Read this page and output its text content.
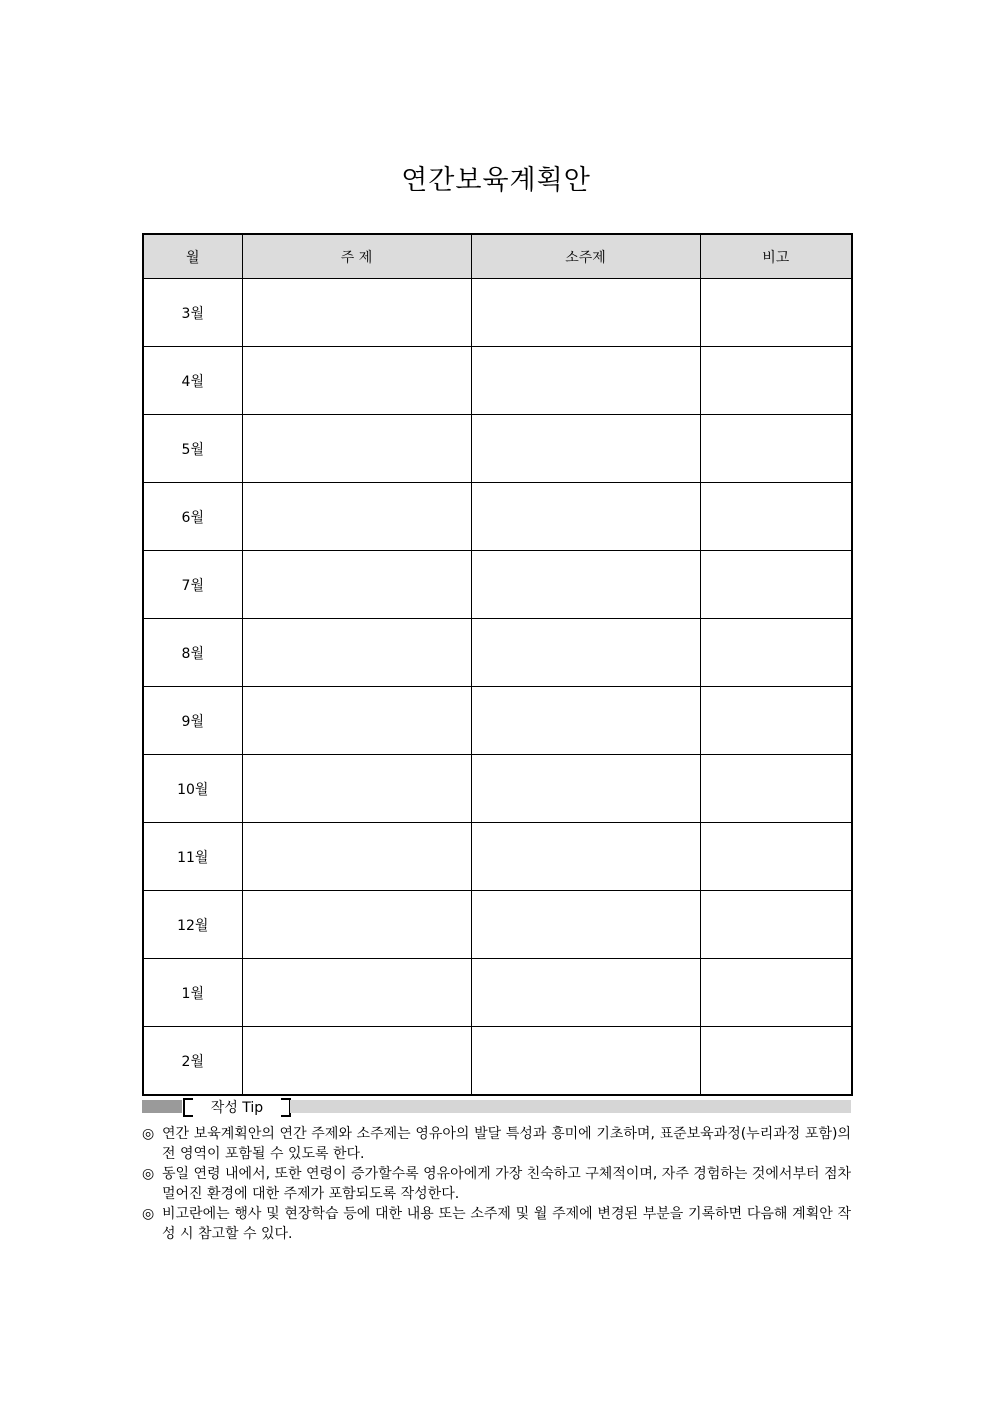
연간보육계획안
월	주 제	소주제	비고
3월			
4월			
5월			
6월			
7월			
8월			
9월			
10월			
11월			
12월			
1월			
2월			
작성 Tip
◎ 연간 보육계획안의 연간 주제와 소주제는 영유아의 발달 특성과 흥미에 기초하며, 표준보육과정(누리과정 포함)의 전 영역이 포함될 수 있도록 한다.
◎ 동일 연령 내에서, 또한 연령이 증가할수록 영유아에게 가장 친숙하고 구체적이며, 자주 경험하는 것에서부터 점차 멀어진 환경에 대한 주제가 포함되도록 작성한다.
◎ 비고란에는 행사 및 현장학습 등에 대한 내용 또는 소주제 및 월 주제에 변경된 부분을 기록하면 다음해 계획안 작성 시 참고할 수 있다.
